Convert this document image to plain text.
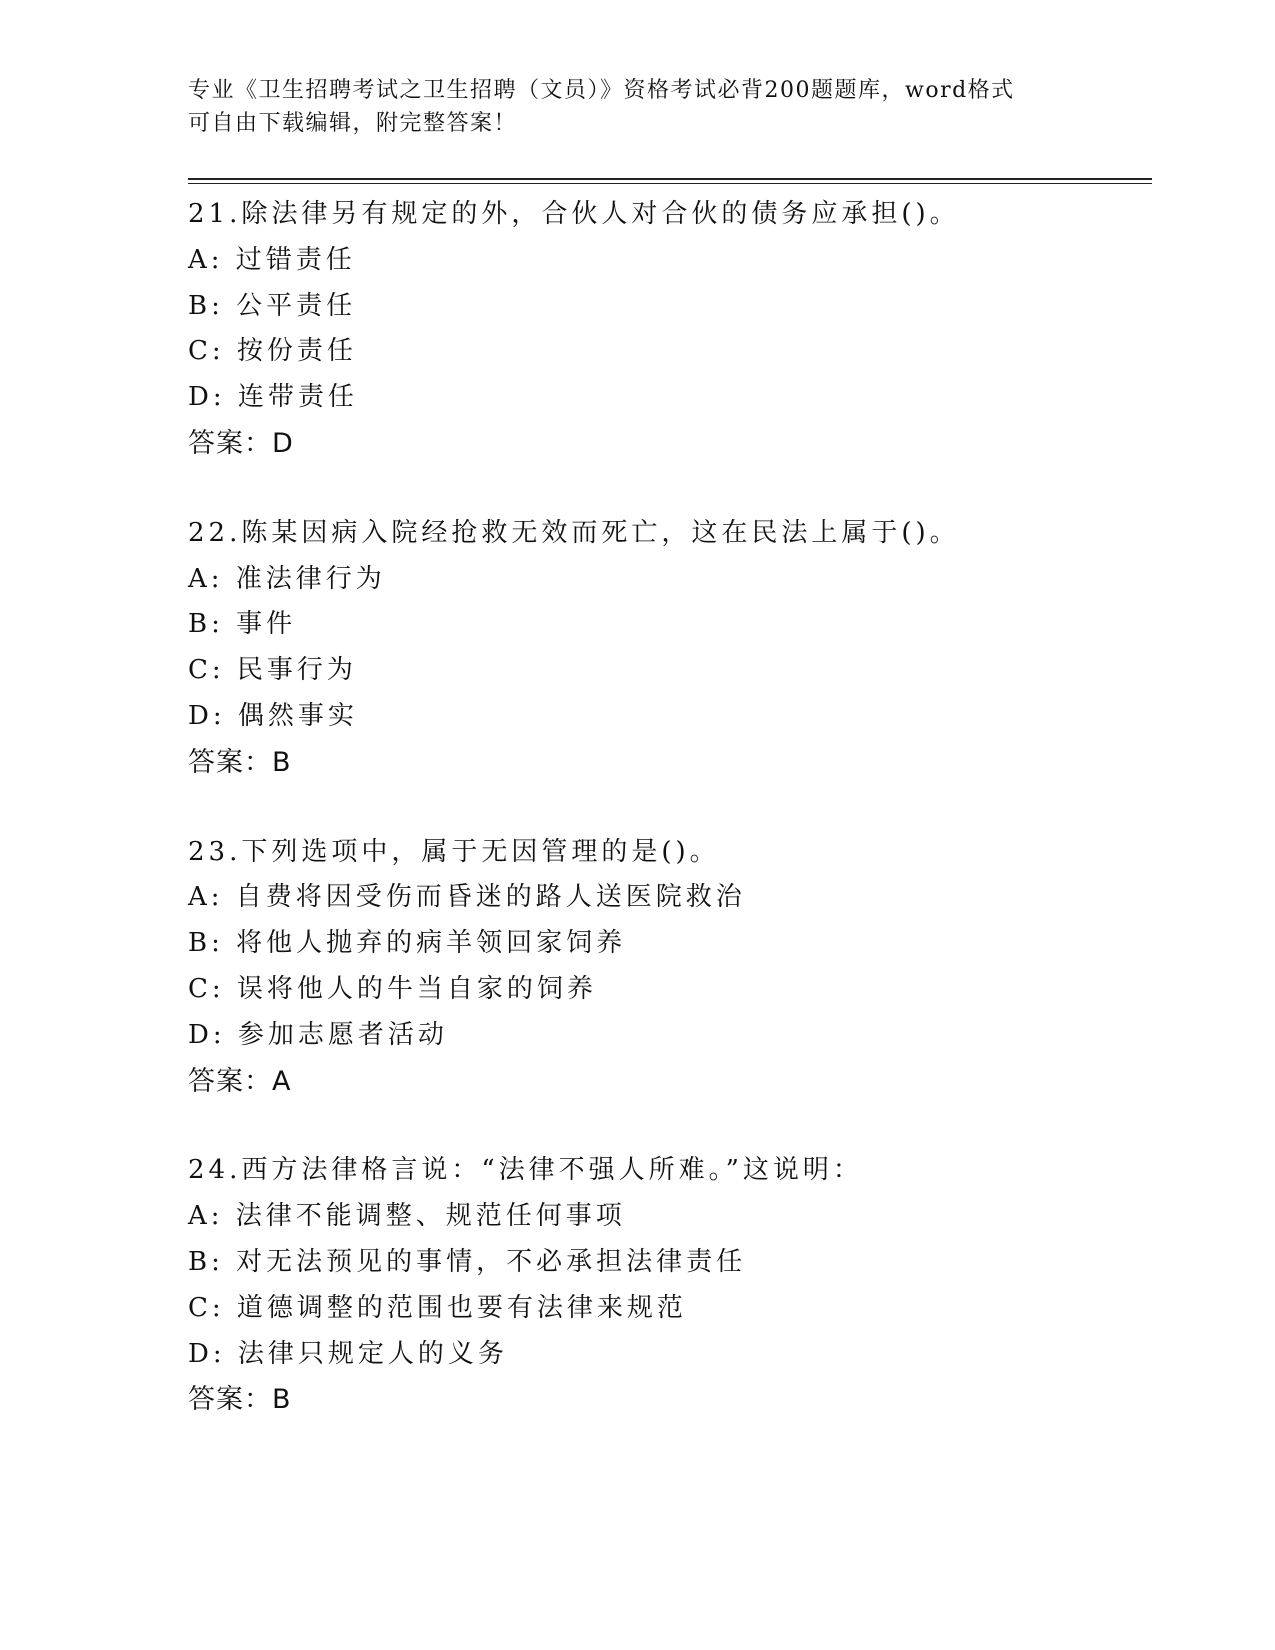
专业《卫生招聘考试之卫生招聘（文员）》资格考试必背200题题库，word格式
可自由下载编辑，附完整答案！
21.除法律另有规定的外，合伙人对合伙的债务应承担()。
A: 过错责任
B: 公平责任
C: 按份责任
D: 连带责任
答案：D
22.陈某因病入院经抢救无效而死亡，这在民法上属于()。
A: 准法律行为
B: 事件
C: 民事行为
D: 偶然事实
答案：B
23.下列选项中，属于无因管理的是()。
A: 自费将因受伤而昏迷的路人送医院救治
B: 将他人抛弃的病羊领回家饲养
C: 误将他人的牛当自家的饲养
D: 参加志愿者活动
答案：A
24.西方法律格言说：“法律不强人所难。”这说明：
A: 法律不能调整、规范任何事项
B: 对无法预见的事情，不必承担法律责任
C: 道德调整的范围也要有法律来规范
D: 法律只规定人的义务
答案：B
